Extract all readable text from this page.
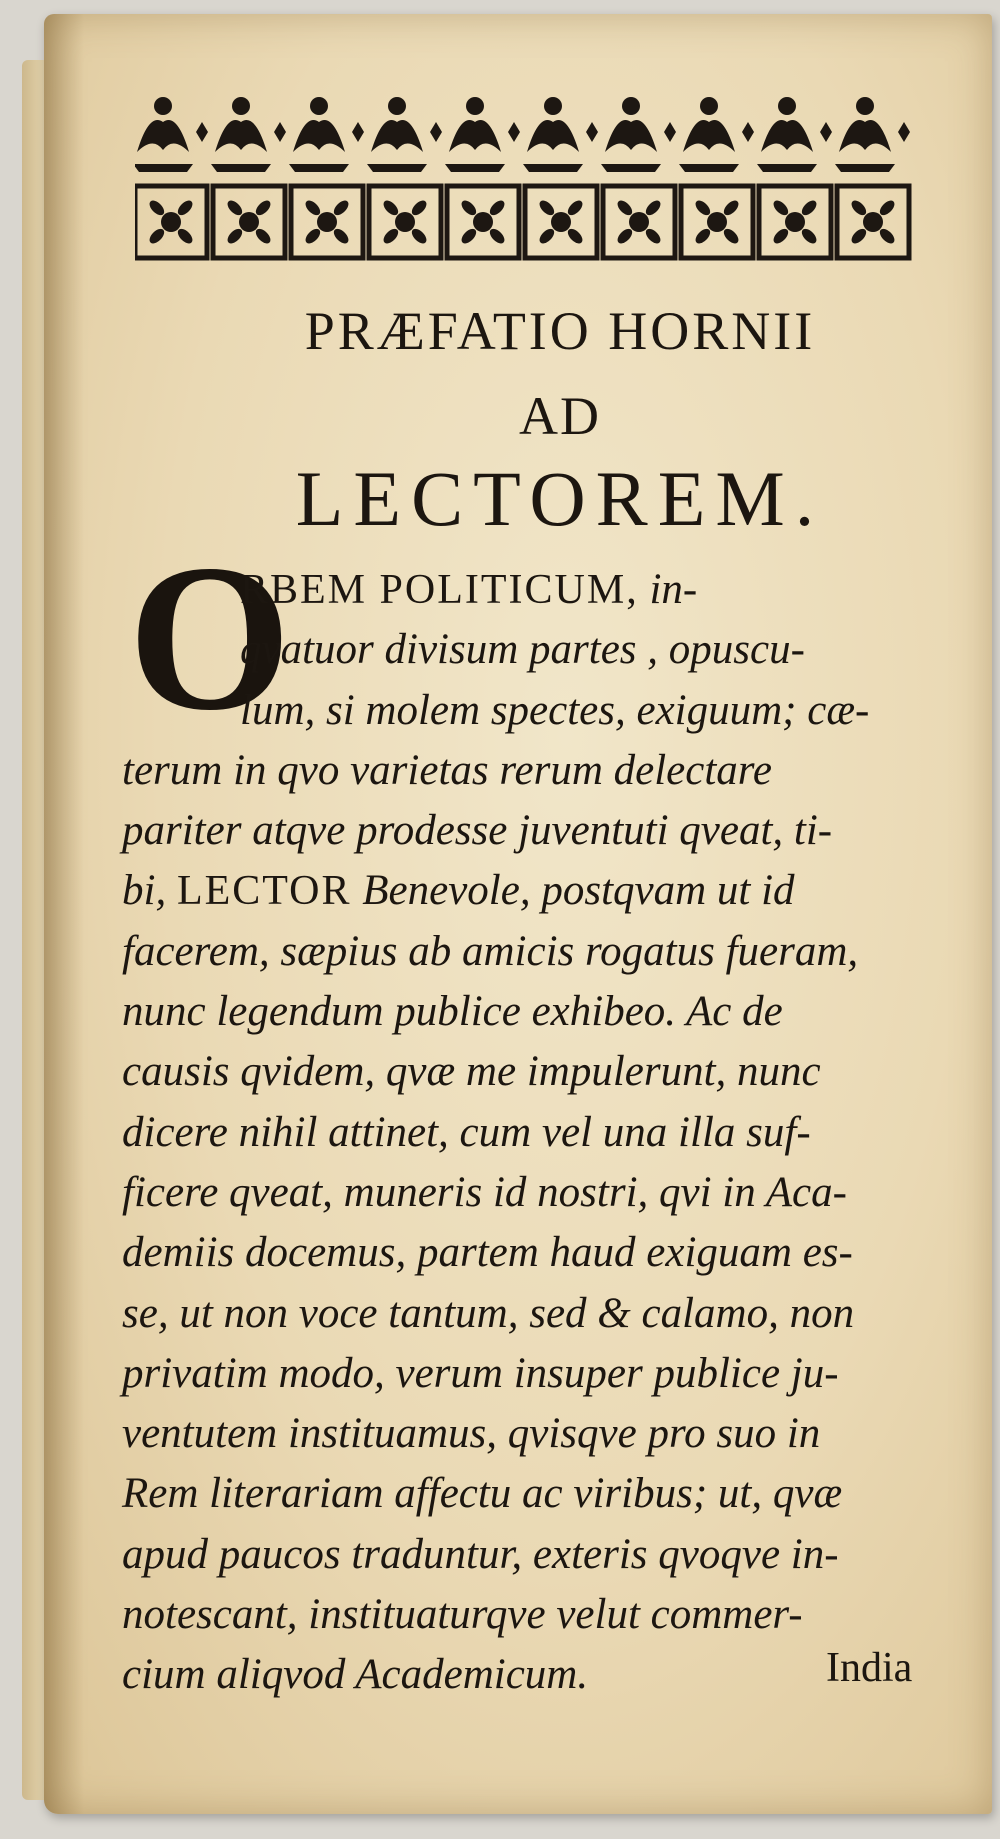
PRÆFATIO HORNII
AD
LECTOREM.
O
RBEM POLITICUM, in-
qvatuor divisum partes , opuscu-
lum, si molem spectes, exiguum; cæ-
terum in qvo varietas rerum delectare
pariter atqve prodesse juventuti qveat, ti-
bi, LECTOR Benevole, postqvam ut id
facerem, sæpius ab amicis rogatus fueram,
nunc legendum publice exhibeo. Ac de
causis qvidem, qvæ me impulerunt, nunc
dicere nihil attinet, cum vel una illa suf-
ficere qveat, muneris id nostri, qvi in Aca-
demiis docemus, partem haud exiguam es-
se, ut non voce tantum, sed & calamo, non
privatim modo, verum insuper publice ju-
ventutem instituamus, qvisqve pro suo in
Rem literariam affectu ac viribus; ut, qvæ
apud paucos traduntur, exteris qvoqve in-
notescant, instituaturqve velut commer-
cium aliqvod Academicum.	India
